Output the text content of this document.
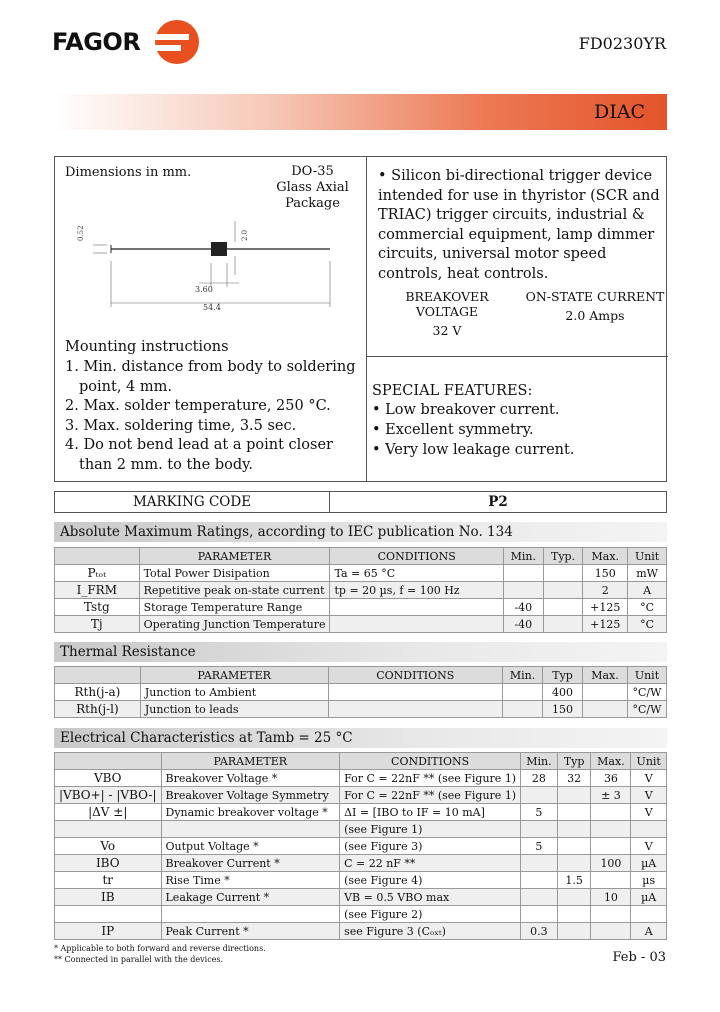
FAGOR	FD0230YR
DIAC
Dimensions in mm.	DO-35
Glass Axial
Package
0.52	2.0
3.60
54.4
Mounting instructions
1. Min. distance from body to soldering point, 4 mm.
2. Max. solder temperature, 250 °C.
3. Max. soldering time, 3.5 sec.
4. Do not bend lead at a point closer than 2 mm. to the body.
• Silicon bi-directional trigger device intended for use in thyristor (SCR and TRIAC) trigger circuits, industrial & commercial equipment, lamp dimmer circuits, universal motor speed controls, heat controls.
BREAKOVER VOLTAGE
32 V
ON-STATE CURRENT
2.0 Amps
SPECIAL FEATURES:
• Low breakover current.
• Excellent symmetry.
• Very low leakage current.
MARKING CODE	P2
Absolute Maximum Ratings, according to IEC publication No. 134
	PARAMETER	CONDITIONS	Min.	Typ.	Max.	Unit
Pₜₒₜ	Total Power Disipation	Ta = 65 °C			150	mW
I_FRM	Repetitive peak on-state current	tp = 20 µs, f = 100 Hz			2	A
Tstg	Storage Temperature Range		-40		+125	°C
Tj	Operating Junction Temperature		-40		+125	°C
Thermal Resistance
	PARAMETER	CONDITIONS	Min.	Typ	Max.	Unit
Rth(j-a)	Junction to Ambient			400		°C/W
Rth(j-l)	Junction to leads			150		°C/W
Electrical Characteristics at Tamb = 25 °C
	PARAMETER	CONDITIONS	Min.	Typ	Max.	Unit
VBO	Breakover Voltage *	For C = 22nF ** (see Figure 1)	28	32	36	V
|VBO+| - |VBO-|	Breakover Voltage Symmetry	For C = 22nF ** (see Figure 1)			± 3	V
|ΔV ±|	Dynamic breakover voltage *	ΔI = [IBO to IF = 10 mA]	5			V
		(see Figure 1)				
Vo	Output Voltage *	(see Figure 3)	5			V
IBO	Breakover Current *	C = 22 nF **			100	µA
tr	Rise Time *	(see Figure 4)		1.5		µs
IB	Leakage Current *	VB = 0.5 VBO max			10	µA
		(see Figure 2)				
IP	Peak Current *	see Figure 3 (Cₒₓₜ)	0.3			A
* Applicable to both forward and reverse directions.
** Connected in parallel with the devices.	Feb - 03
